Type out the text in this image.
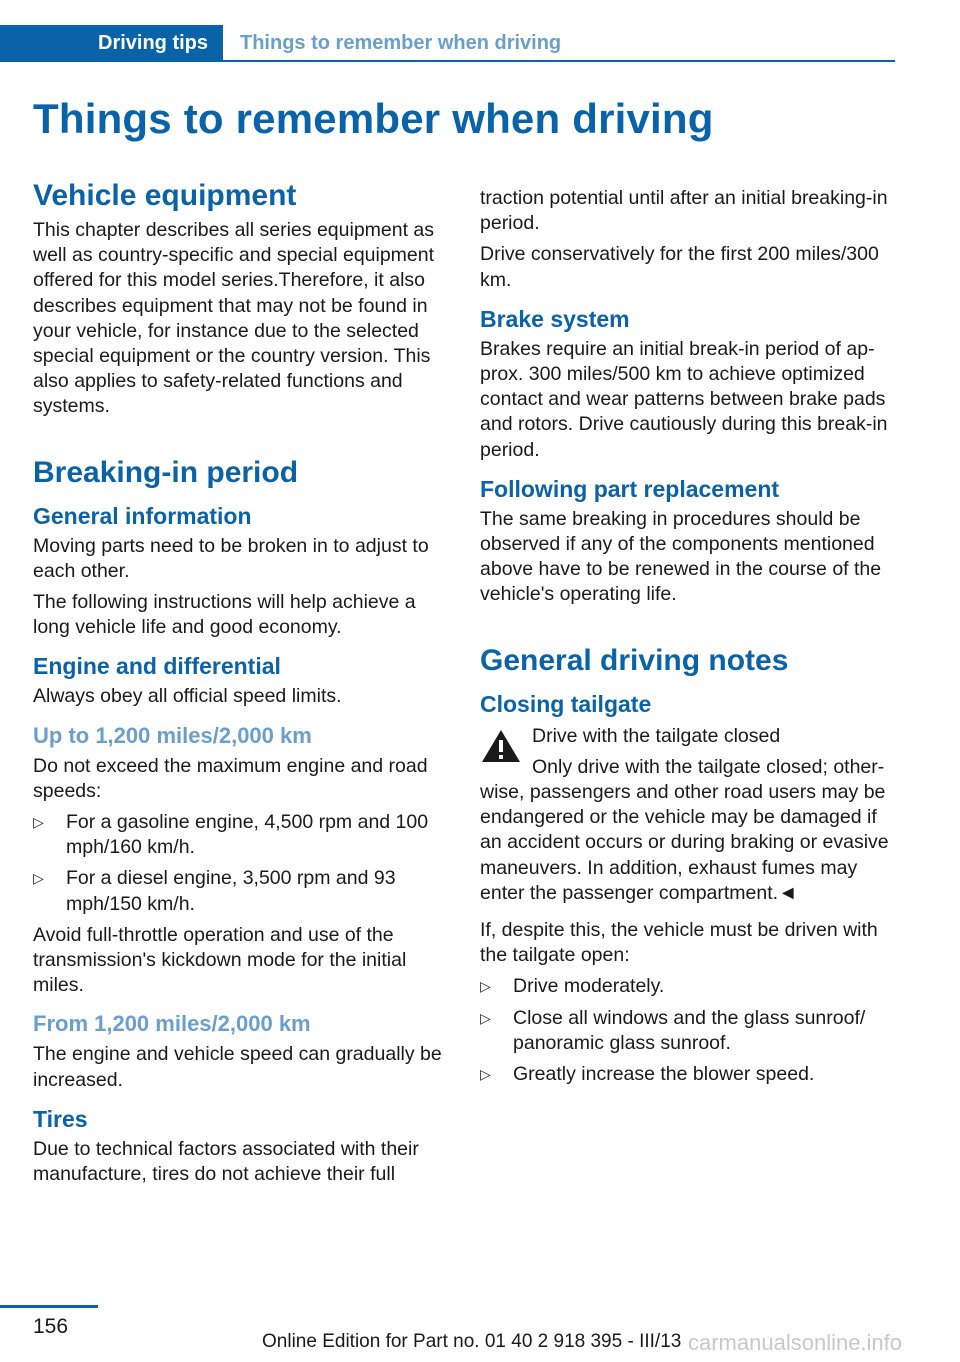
Driving tips	Things to remember when driving
Things to remember when driving
Vehicle equipment

This chapter describes all series equipment as well as country-specific and special equipment offered for this model series.Therefore, it also describes equipment that may not be found in your vehicle, for instance due to the selected special equipment or the country version. This also applies to safety-related functions and systems.

Breaking-in period
General information

Moving parts need to be broken in to adjust to each other.

The following instructions will help achieve a long vehicle life and good economy.

Engine and differential

Always obey all official speed limits.

Up to 1,200 miles/2,000 km

Do not exceed the maximum engine and road speeds:

▷ For a gasoline engine, 4,500 rpm and 100 mph/160 km/h.
▷ For a diesel engine, 3,500 rpm and 93 mph/150 km/h.

Avoid full-throttle operation and use of the transmission's kickdown mode for the initial miles.

From 1,200 miles/2,000 km

The engine and vehicle speed can gradually be increased.

Tires

Due to technical factors associated with their manufacture, tires do not achieve their full

traction potential until after an initial breaking-in period.

Drive conservatively for the first 200 miles/300 km.

Brake system

Brakes require an initial break-in period of approx. 300 miles/500 km to achieve optimized contact and wear patterns between brake pads and rotors. Drive cautiously during this break-in period.

Following part replacement

The same breaking in procedures should be observed if any of the components mentioned above have to be renewed in the course of the vehicle's operating life.

General driving notes
Closing tailgate

Drive with the tailgate closed

Only drive with the tailgate closed; otherwise, passengers and other road users may be endangered or the vehicle may be damaged if an accident occurs or during braking or evasive maneuvers. In addition, exhaust fumes may enter the passenger compartment.◄

If, despite this, the vehicle must be driven with the tailgate open:

▷ Drive moderately.
▷ Close all windows and the glass sunroof/ panoramic glass sunroof.
▷ Greatly increase the blower speed.
156
Online Edition for Part no. 01 40 2 918 395 - III/13 carmanualsonline.info
